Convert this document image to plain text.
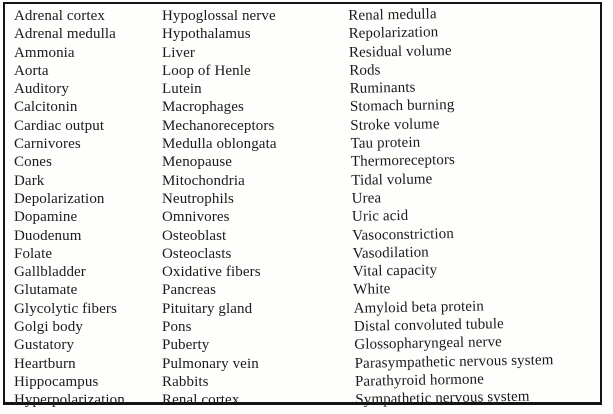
Adrenal cortex
Adrenal medulla
Ammonia
Aorta
Auditory
Calcitonin
Cardiac output
Carnivores
Cones
Dark
Depolarization
Dopamine
Duodenum
Folate
Gallbladder
Glutamate
Glycolytic fibers
Golgi body
Gustatory
Heartburn
Hippocampus
Hyperpolarization
Hypoglossal nerve
Hypothalamus
Liver
Loop of Henle
Lutein
Macrophages
Mechanoreceptors
Medulla oblongata
Menopause
Mitochondria
Neutrophils
Omnivores
Osteoblast
Osteoclasts
Oxidative fibers
Pancreas
Pituitary gland
Pons
Puberty
Pulmonary vein
Rabbits
Renal cortex
Renal medulla
Repolarization
Residual volume
Rods
Ruminants
Stomach burning
Stroke volume
Tau protein
Thermoreceptors
Tidal volume
Urea
Uric acid
Vasoconstriction
Vasodilation
Vital capacity
White
Amyloid beta protein
Distal convoluted tubule
Glossopharyngeal nerve
Parasympathetic nervous system
Parathyroid hormone
Sympathetic nervous system
